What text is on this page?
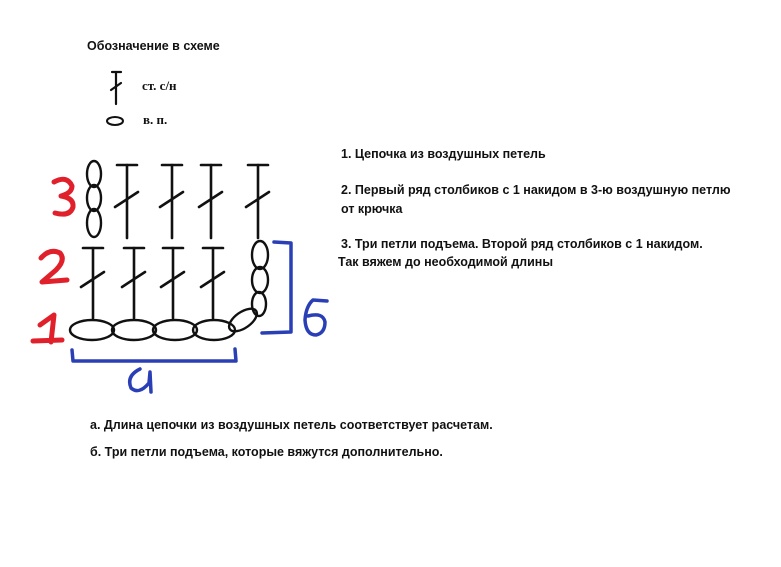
Обозначение в схеме
ст. с/н
в. п.
1. Цепочка из воздушных петель
2. Первый ряд столбиков с 1 накидом в 3-ю воздушную петлю
от крючка
3. Три петли подъема. Второй ряд столбиков с 1 накидом.
Так вяжем до необходимой длины
а. Длина цепочки из воздушных петель соответствует расчетам.
б. Три петли подъема, которые вяжутся дополнительно.
